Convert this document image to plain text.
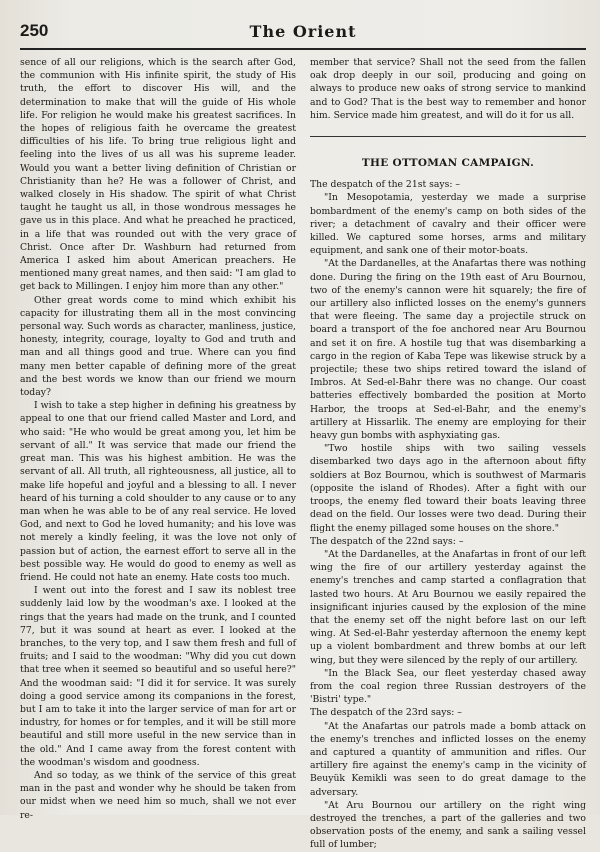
250	The Orient

sence of all our religions, which is the search after God, the communion with His infinite spirit, the study of His truth, the effort to discover His will, and the determination to make that will the guide of His whole life. For religion he would make his greatest sacrifices. In the hopes of religious faith he overcame the greatest difficulties of his life. To bring true religious light and feeling into the lives of us all was his supreme leader. Would you want a better living definition of Christian or Christianity than he? He was a follower of Christ, and walked closely in His shadow. The spirit of what Christ taught he taught us all, in those wondrous messages he gave us in this place. And what he preached he practiced, in a life that was rounded out with the very grace of Christ. Once after Dr. Washburn had returned from America I asked him about American preachers. He mentioned many great names, and then said: "I am glad to get back to Millingen. I enjoy him more than any other."

Other great words come to mind which exhibit his capacity for illustrating them all in the most convincing personal way. Such words as character, manliness, justice, honesty, integrity, courage, loyalty to God and truth and man and all things good and true. Where can you find many men better capable of defining more of the great and the best words we know than our friend we mourn today?

I wish to take a step higher in defining his greatness by appeal to one that our friend called Master and Lord, and who said: "He who would be great among you, let him be servant of all." It was service that made our friend the great man. This was his highest ambition. He was the servant of all. All truth, all righteousness, all justice, all to make life hopeful and joyful and a blessing to all. I never heard of his turning a cold shoulder to any cause or to any man when he was able to be of any real service. He loved God, and next to God he loved humanity; and his love was not merely a kindly feeling, it was the love not only of passion but of action, the earnest effort to serve all in the best possible way. He would do good to enemy as well as friend. He could not hate an enemy. Hate costs too much.

I went out into the forest and I saw its noblest tree suddenly laid low by the woodman's axe. I looked at the rings that the years had made on the trunk, and I counted 77, but it was sound at heart as ever. I looked at the branches, to the very top, and I saw them fresh and full of fruits; and I said to the woodman: "Why did you cut down that tree when it seemed so beautiful and so useful here?" And the woodman said: "I did it for service. It was surely doing a good service among its companions in the forest, but I am to take it into the larger service of man for art or industry, for homes or for temples, and it will be still more beautiful and still more useful in the new service than in the old." And I came away from the forest content with the woodman's wisdom and goodness.

And so today, as we think of the service of this great man in the past and wonder why he should be taken from our midst when we need him so much, shall we not ever re-

member that service? Shall not the seed from the fallen oak drop deeply in our soil, producing and going on always to produce new oaks of strong service to mankind and to God? That is the best way to remember and honor him. Service made him greatest, and will do it for us all.

THE OTTOMAN CAMPAIGN.

The despatch of the 21st says: –

"In Mesopotamia, yesterday we made a surprise bombardment of the enemy's camp on both sides of the river; a detachment of cavalry and their officer were killed. We captured some horses, arms and military equipment, and sank one of their motor-boats.

"At the Dardanelles, at the Anafartas there was nothing done. During the firing on the 19th east of Aru Bournou, two of the enemy's cannon were hit squarely; the fire of our artillery also inflicted losses on the enemy's gunners that were fleeing. The same day a projectile struck on board a transport of the foe anchored near Aru Bournou and set it on fire. A hostile tug that was disembarking a cargo in the region of Kaba Tepe was likewise struck by a projectile; these two ships retired toward the island of Imbros. At Sed-el-Bahr there was no change. Our coast batteries effectively bombarded the position at Morto Harbor, the troops at Sed-el-Bahr, and the enemy's artillery at Hissarlik. The enemy are employing for their heavy gun bombs with asphyxiating gas.

"Two hostile ships with two sailing vessels disembarked two days ago in the afternoon about fifty soldiers at Boz Bournou, which is southwest of Marmaris (opposite the island of Rhodes). After a fight with our troops, the enemy fled toward their boats leaving three dead on the field. Our losses were two dead. During their flight the enemy pillaged some houses on the shore."

The despatch of the 22nd says: –

"At the Dardanelles, at the Anafartas in front of our left wing the fire of our artillery yesterday against the enemy's trenches and camp started a conflagration that lasted two hours. At Aru Bournou we easily repaired the insignificant injuries caused by the explosion of the mine that the enemy set off the night before last on our left wing. At Sed-el-Bahr yesterday afternoon the enemy kept up a violent bombardment and threw bombs at our left wing, but they were silenced by the reply of our artillery.

"In the Black Sea, our fleet yesterday chased away from the coal region three Russian destroyers of the 'Bistri' type."

The despatch of the 23rd says: –

"At the Anafartas our patrols made a bomb attack on the enemy's trenches and inflicted losses on the enemy and captured a quantity of ammunition and rifles. Our artillery fire against the enemy's camp in the vicinity of Beuyük Kemikli was seen to do great damage to the adversary.

"At Aru Bournou our artillery on the right wing destroyed the trenches, a part of the galleries and two observation posts of the enemy, and sank a sailing vessel full of lumber;
